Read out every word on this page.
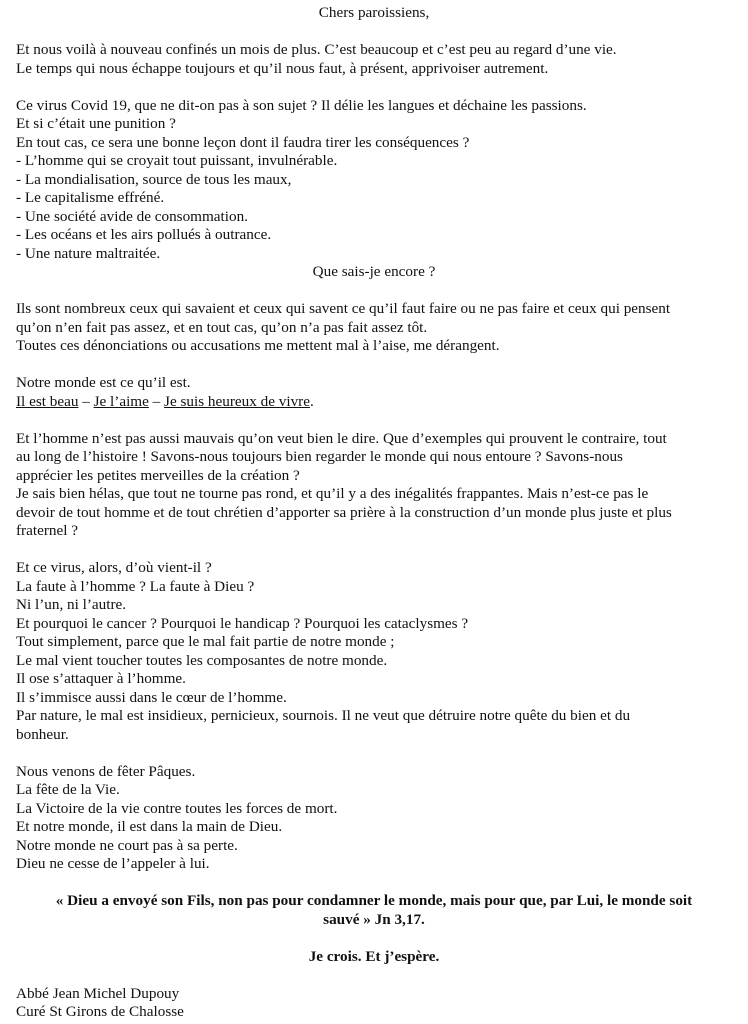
Chers paroissiens,
Et nous voilà à nouveau confinés un mois de plus. C’est beaucoup et c’est peu au regard d’une vie.
Le temps qui nous échappe toujours et qu’il nous faut, à présent, apprivoiser autrement.
Ce virus Covid 19, que ne dit-on pas à son sujet ? Il délie les langues et déchaine les passions.
Et si c’était une punition ?
En tout cas, ce sera une bonne leçon dont il faudra tirer les conséquences ?
- L’homme qui se croyait tout puissant, invulnérable.
- La mondialisation, source de tous les maux,
- Le capitalisme effréné.
- Une société avide de consommation.
- Les océans et les airs pollués à outrance.
- Une nature maltraitée.
Que sais-je encore ?
Ils sont nombreux ceux qui savaient et ceux qui savent ce qu’il faut faire ou ne pas faire et ceux qui pensent
qu’on n’en fait pas assez, et en tout cas, qu’on n’a pas fait assez tôt.
Toutes ces dénonciations ou accusations me mettent mal à l’aise, me dérangent.
Notre monde est ce qu’il est.
Il est beau – Je l’aime – Je suis heureux de vivre.
Et l’homme n’est pas aussi mauvais qu’on veut bien le dire. Que d’exemples qui prouvent le contraire, tout
au long de l’histoire ! Savons-nous toujours bien regarder le monde qui nous entoure ? Savons-nous
apprécier les petites merveilles de la création ?
Je sais bien hélas, que tout ne tourne pas rond, et qu’il y a des inégalités frappantes. Mais n’est-ce pas le
devoir de tout homme et de tout chrétien d’apporter sa prière à la construction d’un monde plus juste et plus
fraternel ?
Et ce virus, alors, d’où vient-il ?
La faute à l’homme ? La faute à Dieu ?
Ni l’un, ni l’autre.
Et pourquoi le cancer ? Pourquoi le handicap ? Pourquoi les cataclysmes ?
Tout simplement, parce que le mal fait partie de notre monde ;
Le mal vient toucher toutes les composantes de notre monde.
Il ose s’attaquer à l’homme.
Il s’immisce aussi dans le cœur de l’homme.
Par nature, le mal est insidieux, pernicieux, sournois. Il ne veut que détruire notre quête du bien et du
bonheur.
Nous venons de fêter Pâques.
La fête de la Vie.
La Victoire de la vie contre toutes les forces de mort.
Et notre monde, il est dans la main de Dieu.
Notre monde ne court pas à sa perte.
Dieu ne cesse de l’appeler à lui.
« Dieu a envoyé son Fils, non pas pour condamner le monde, mais pour que, par Lui, le monde soit
sauvé » Jn 3,17.
Je crois. Et j’espère.
Abbé Jean Michel Dupouy
Curé St Girons de Chalosse
